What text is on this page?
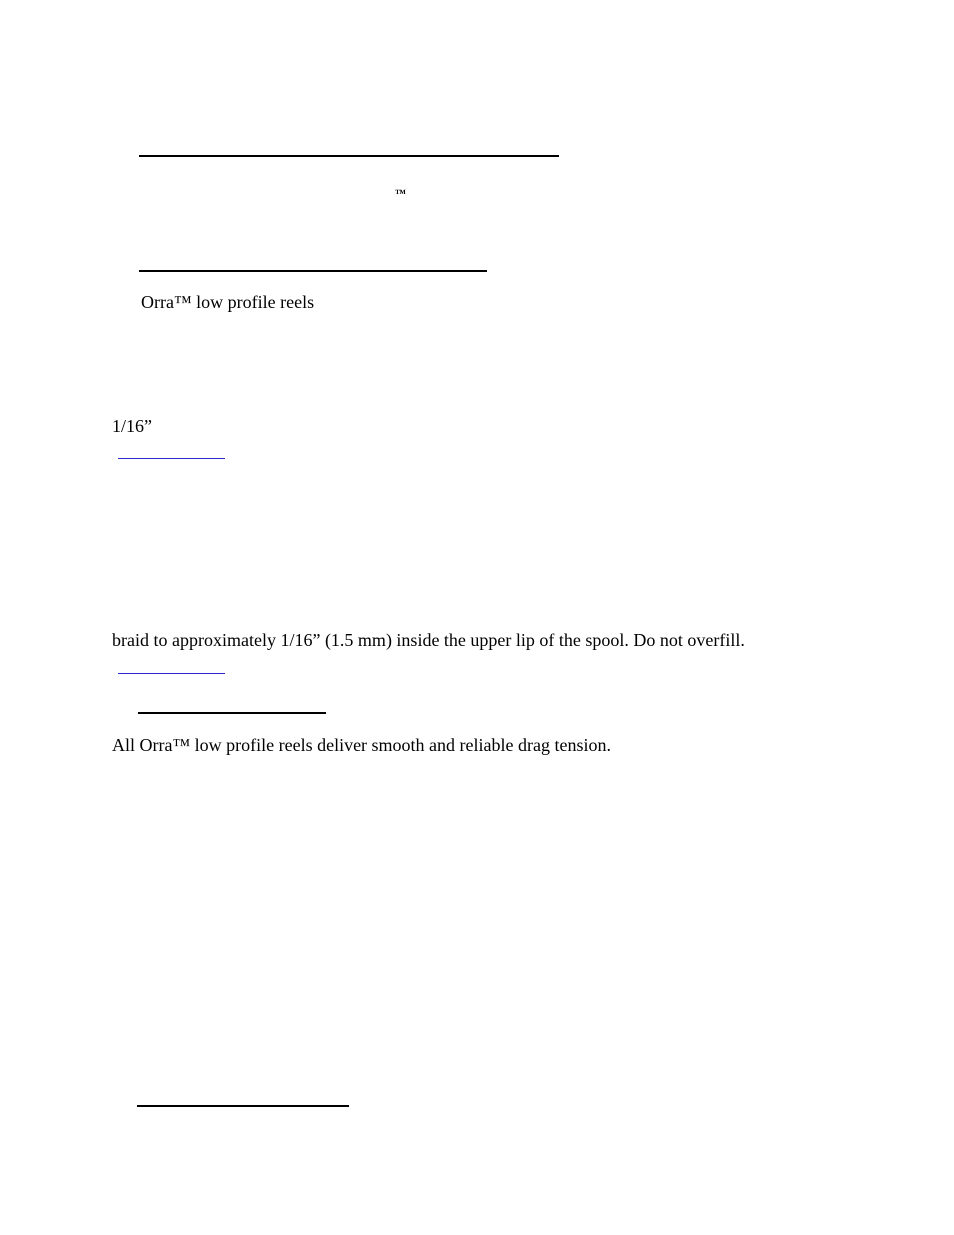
™
Orra™ low profile reels
1/16”
braid to approximately 1/16” (1.5 mm) inside the upper lip of the spool. Do not overfill.
All Orra™ low profile reels deliver smooth and reliable drag tension.
